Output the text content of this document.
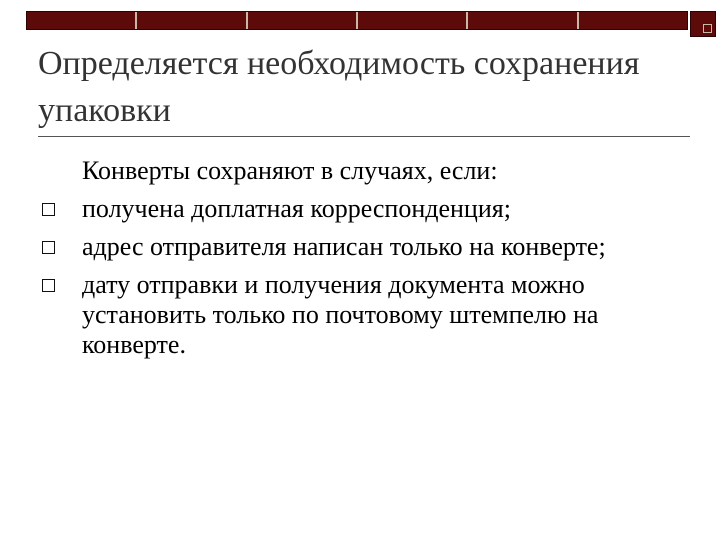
Определяется необходимость сохранения упаковки

Конверты сохраняют в случаях, если:

получена доплатная корреспонденция;
адрес отправителя написан только на конверте;
дату отправки и получения документа можно установить только по почтовому штемпелю на конверте.
